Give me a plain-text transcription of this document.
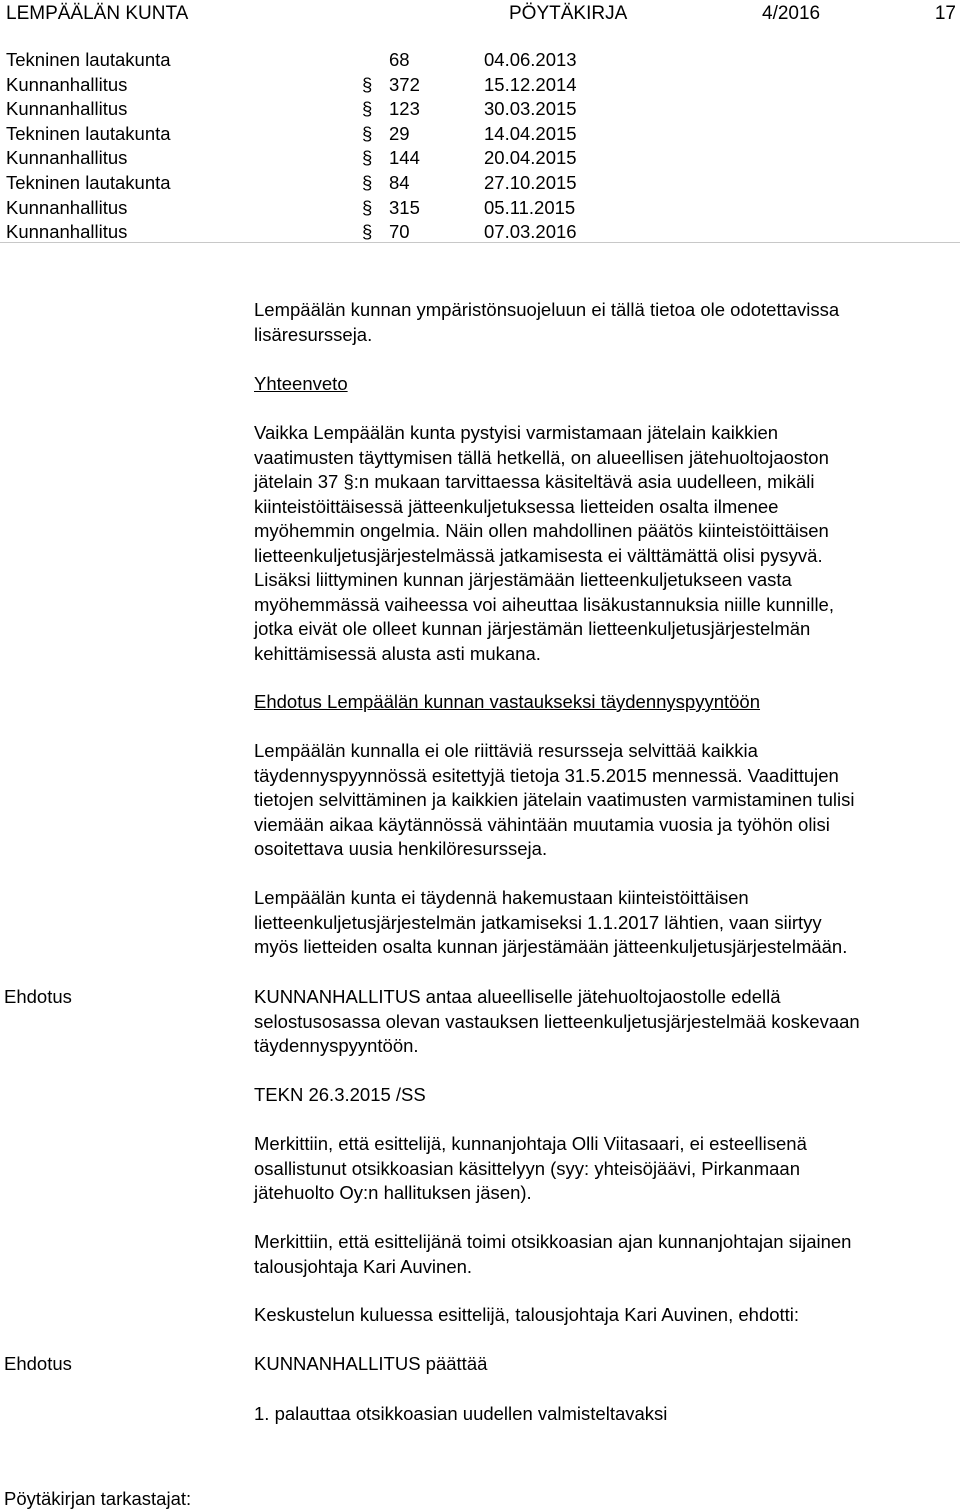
LEMPÄÄLÄN KUNTA	PÖYTÄKIRJA	4/2016	17
Tekninen lautakunta	68	04.06.2013
Kunnanhallitus	§ 372	15.12.2014
Kunnanhallitus	§ 123	30.03.2015
Tekninen lautakunta	§ 29	14.04.2015
Kunnanhallitus	§ 144	20.04.2015
Tekninen lautakunta	§ 84	27.10.2015
Kunnanhallitus	§ 315	05.11.2015
Kunnanhallitus	§ 70	07.03.2016

Lempäälän kunnan ympäristönsuojeluun ei tällä tietoa ole odotettavissa

lisäresursseja.

Yhteenveto

Vaikka Lempäälän kunta pystyisi varmistamaan jätelain kaikkien

vaatimusten täyttymisen tällä hetkellä, on alueellisen jätehuoltojaoston

jätelain 37 §:n mukaan tarvittaessa käsiteltävä asia uudelleen, mikäli

kiinteistöittäisessä jätteenkuljetuksessa lietteiden osalta ilmenee

myöhemmin ongelmia. Näin ollen mahdollinen päätös kiinteistöittäisen

lietteenkuljetusjärjestelmässä jatkamisesta ei välttämättä olisi pysyvä.

Lisäksi liittyminen kunnan järjestämään lietteenkuljetukseen vasta

myöhemmässä vaiheessa voi aiheuttaa lisäkustannuksia niille kunnille,

jotka eivät ole olleet kunnan järjestämän lietteenkuljetusjärjestelmän

kehittämisessä alusta asti mukana.

Ehdotus Lempäälän kunnan vastaukseksi täydennyspyyntöön

Lempäälän kunnalla ei ole riittäviä resursseja selvittää kaikkia

täydennyspyynnössä esitettyjä tietoja 31.5.2015 mennessä. Vaadittujen

tietojen selvittäminen ja kaikkien jätelain vaatimusten varmistaminen tulisi

viemään aikaa käytännössä vähintään muutamia vuosia ja työhön olisi

osoitettava uusia henkilöresursseja.

Lempäälän kunta ei täydennä hakemustaan kiinteistöittäisen

lietteenkuljetusjärjestelmän jatkamiseksi 1.1.2017 lähtien, vaan siirtyy

myös lietteiden osalta kunnan järjestämään jätteenkuljetusjärjestelmään.

Ehdotus	KUNNANHALLITUS antaa alueelliselle jätehuoltojaostolle edellä

selostusosassa olevan vastauksen lietteenkuljetusjärjestelmää koskevaan

täydennyspyyntöön.

TEKN 26.3.2015 /SS

Merkittiin, että esittelijä, kunnanjohtaja Olli Viitasaari, ei esteellisenä

osallistunut otsikkoasian käsittelyyn (syy: yhteisöjäävi, Pirkanmaan

jätehuolto Oy:n hallituksen jäsen).

Merkittiin, että esittelijänä toimi otsikkoasian ajan kunnanjohtajan sijainen

talousjohtaja Kari Auvinen.

Keskustelun kuluessa esittelijä, talousjohtaja Kari Auvinen, ehdotti:

Ehdotus	KUNNANHALLITUS päättää

1. palauttaa otsikkoasian uudellen valmisteltavaksi

Pöytäkirjan tarkastajat:
